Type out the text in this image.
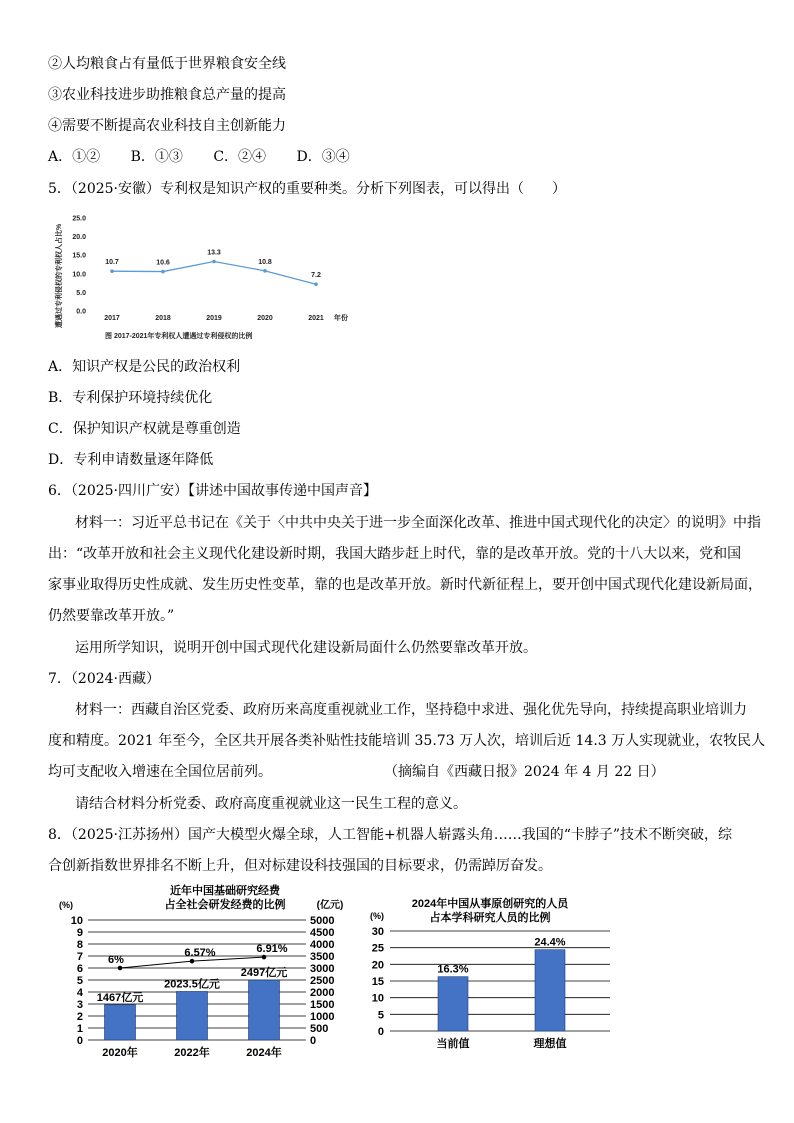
②人均粮食占有量低于世界粮食安全线
③农业科技进步助推粮食总产量的提高
④需要不断提高农业科技自主创新能力
A．①② B．①③ C．②④ D．③④
5．（2025·安徽）专利权是知识产权的重要种类。分析下列图表，可以得出（　　）
遭遇过专利侵权的专利权人占比%
25.0
20.0
15.0
10.0
5.0
0.0
10.7	10.6
13.3
10.8
7.2
2017	2018	2019	2020	2021 年份
图 2017-2021年专利权人遭遇过专利侵权的比例
A．知识产权是公民的政治权利
B．专利保护环境持续优化
C．保护知识产权就是尊重创造
D．专利申请数量逐年降低
6．（2025·四川广安）【讲述中国故事传递中国声音】
材料一：习近平总书记在《关于〈中共中央关于进一步全面深化改革、推进中国式现代化的决定〉的说明》中指
出：“改革开放和社会主义现代化建设新时期，我国大踏步赶上时代，靠的是改革开放。党的十八大以来，党和国
家事业取得历史性成就、发生历史性变革，靠的也是改革开放。新时代新征程上，要开创中国式现代化建设新局面，
仍然要靠改革开放。”
运用所学知识，说明开创中国式现代化建设新局面什么仍然要靠改革开放。
7．（2024·西藏）
材料一：西藏自治区党委、政府历来高度重视就业工作，坚持稳中求进、强化优先导向，持续提高职业培训力
度和精度。2021 年至今，全区共开展各类补贴性技能培训 35.73 万人次，培训后近 14.3 万人实现就业，农牧民人
均可支配收入增速在全国位居前列。	（摘编自《西藏日报》2024 年 4 月 22 日）
请结合材料分析党委、政府高度重视就业这一民生工程的意义。
8．（2025·江苏扬州）国产大模型火爆全球，人工智能+机器人崭露头角……我国的“卡脖子”技术不断突破，综
合创新指数世界排名不断上升，但对标建设科技强国的目标要求，仍需踔厉奋发。
近年中国基础研究经费
占全社会研发经费的比例
(%)	(亿元)
10
9
8
7
6
5
4
3
2
1
0
5000
4500
4000
3500
3000
2500
2000
1500
1000
500
0
1467亿元
2020年
2023.5亿元
2022年
2497亿元
2024年
6%
6.57%	6.91%
2024年中国从事原创研究的人员
占本学科研究人员的比例
(%)
30
25
20
15
10
5
0
16.3%
当前值
24.4%
理想值
